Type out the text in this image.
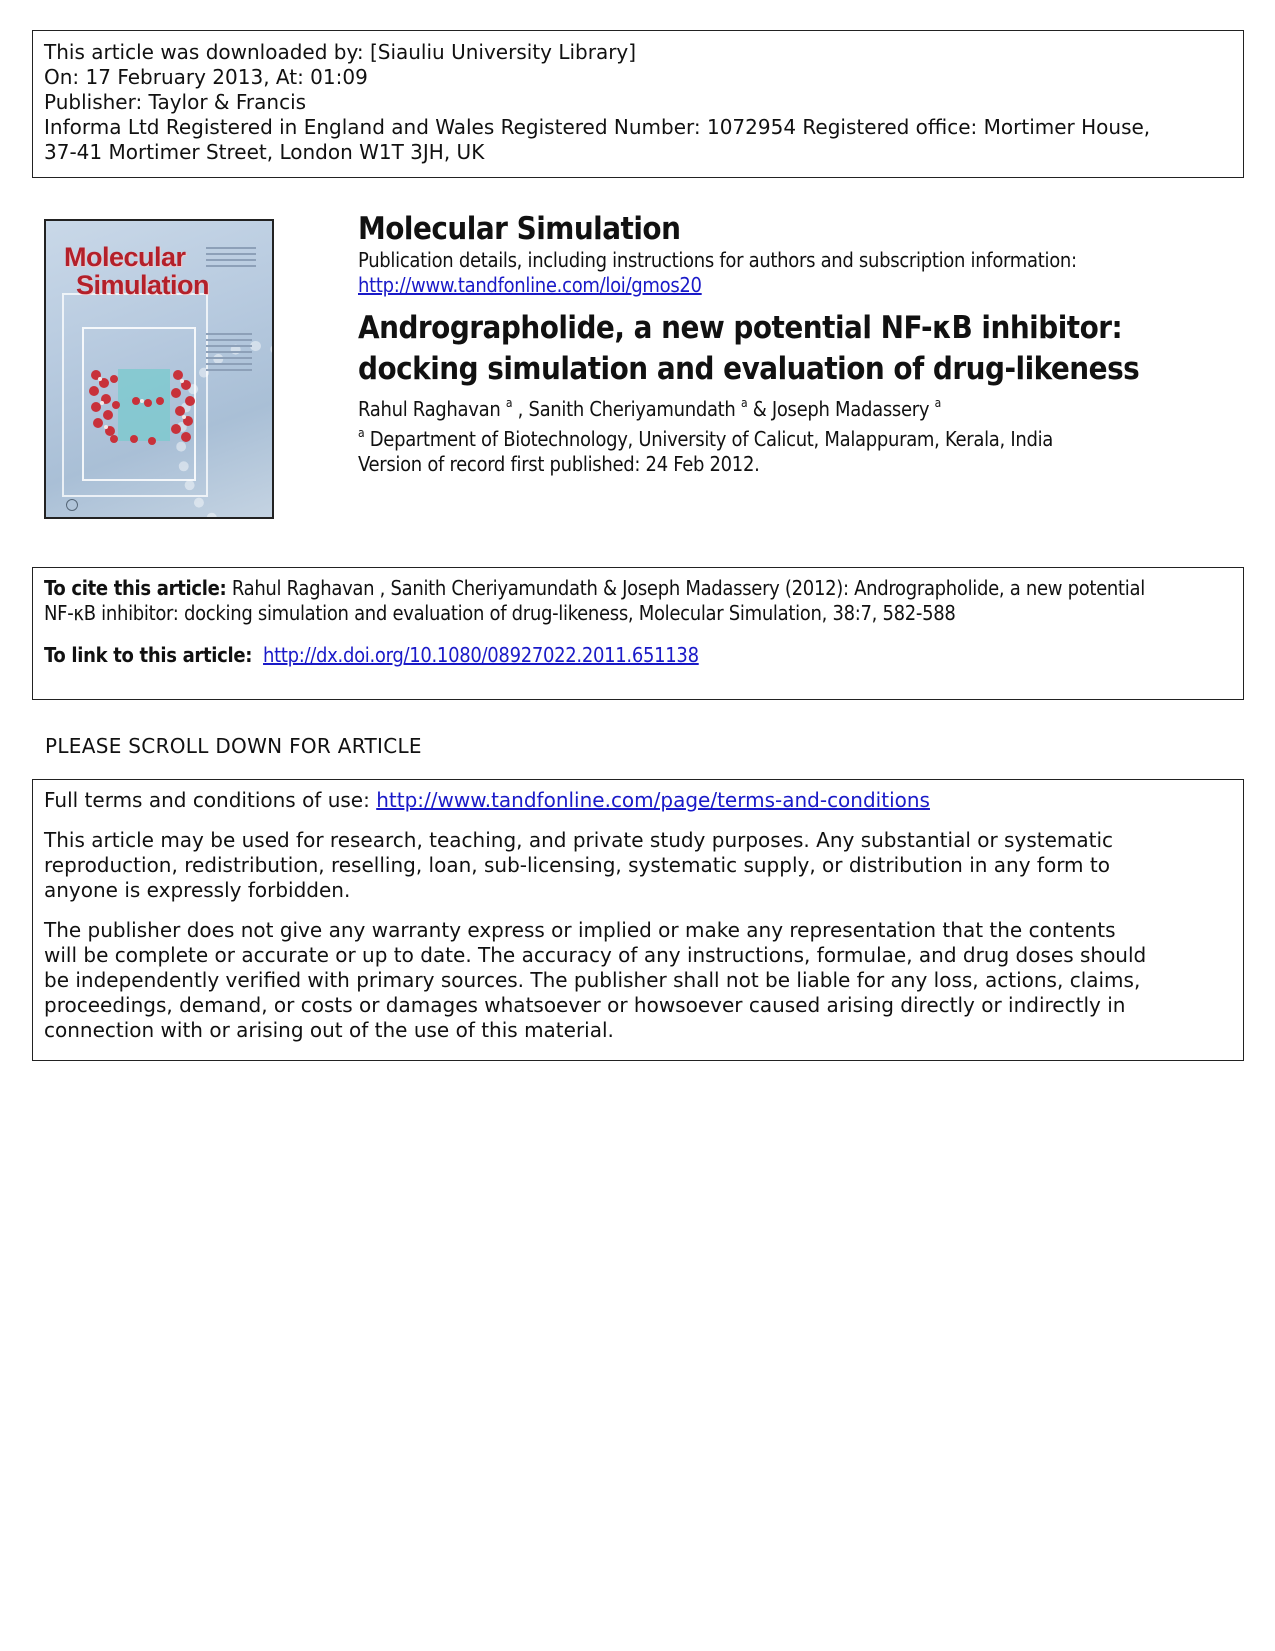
This article was downloaded by: [Siauliu University Library]
On: 17 February 2013, At: 01:09
Publisher: Taylor & Francis
Informa Ltd Registered in England and Wales Registered Number: 1072954 Registered office: Mortimer House,
37-41 Mortimer Street, London W1T 3JH, UK
Molecular
Simulation
Molecular Simulation
Publication details, including instructions for authors and subscription information:
http://www.tandfonline.com/loi/gmos20
Andrographolide, a new potential NF-κB inhibitor:
docking simulation and evaluation of drug-likeness
Rahul Raghavan $^a$ , Sanith Cheriyamundath $^a$ & Joseph Madassery $^a$
$^a$ Department of Biotechnology, University of Calicut, Malappuram, Kerala, India
Version of record first published: 24 Feb 2012.
To cite this article: Rahul Raghavan , Sanith Cheriyamundath & Joseph Madassery (2012): Andrographolide, a new potential
NF-κB inhibitor: docking simulation and evaluation of drug-likeness, Molecular Simulation, 38:7, 582-588
To link to this article: http://dx.doi.org/10.1080/08927022.2011.651138
PLEASE SCROLL DOWN FOR ARTICLE

Full terms and conditions of use: http://www.tandfonline.com/page/terms-and-conditions

This article may be used for research, teaching, and private study purposes. Any substantial or systematic
reproduction, redistribution, reselling, loan, sub-licensing, systematic supply, or distribution in any form to
anyone is expressly forbidden.

The publisher does not give any warranty express or implied or make any representation that the contents
will be complete or accurate or up to date. The accuracy of any instructions, formulae, and drug doses should
be independently verified with primary sources. The publisher shall not be liable for any loss, actions, claims,
proceedings, demand, or costs or damages whatsoever or howsoever caused arising directly or indirectly in
connection with or arising out of the use of this material.
